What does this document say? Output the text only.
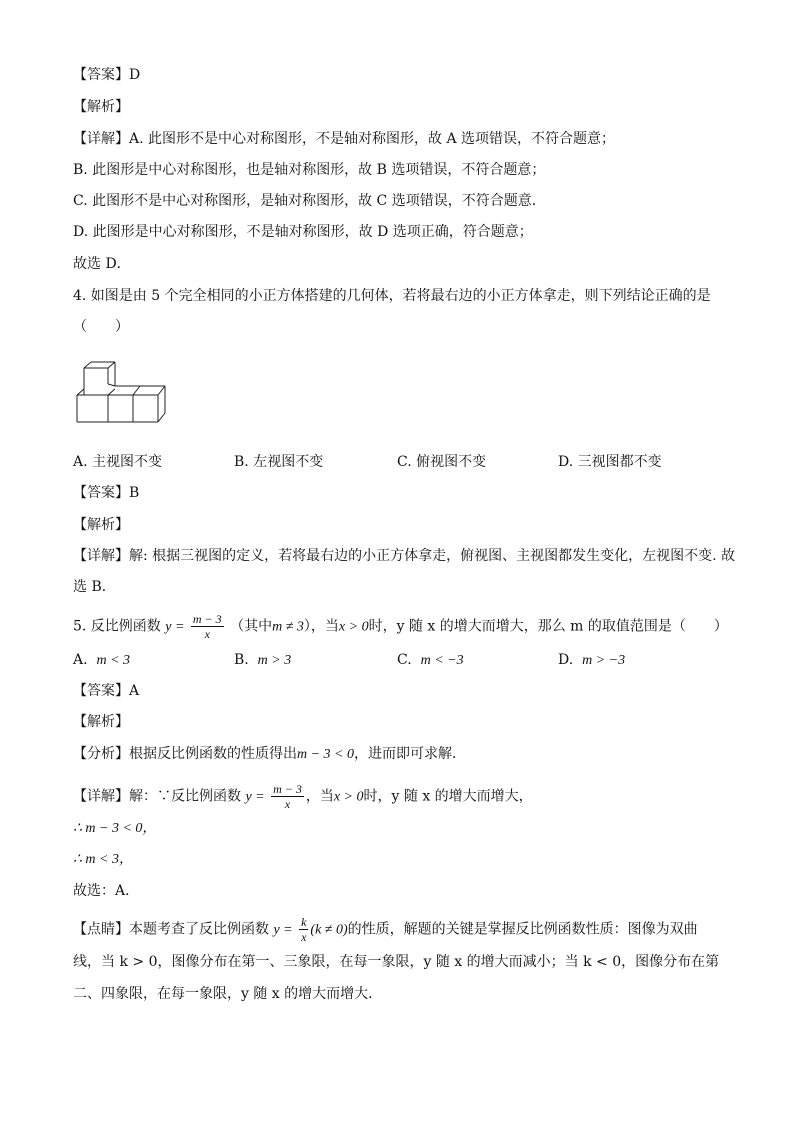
【答案】D
【解析】
【详解】A. 此图形不是中心对称图形，不是轴对称图形，故 A 选项错误，不符合题意；
B. 此图形是中心对称图形，也是轴对称图形，故 B 选项错误，不符合题意；
C. 此图形不是中心对称图形，是轴对称图形，故 C 选项错误，不符合题意．
D. 此图形是中心对称图形，不是轴对称图形，故 D 选项正确，符合题意；
故选 D．
4. 如图是由 5 个完全相同的小正方体搭建的几何体，若将最右边的小正方体拿走，则下列结论正确的是
（　　）
A. 主视图不变	B. 左视图不变	C. 俯视图不变	D. 三视图都不变
【答案】B
【解析】
【详解】解: 根据三视图的定义，若将最右边的小正方体拿走，俯视图、主视图都发生变化，左视图不变. 故
选 B．
5. 反比例函数 $y = \frac{m - 3}{x}$ （其中m ≠ 3），当x > 0时，y 随 x 的增大而增大，那么 m 的取值范围是（　　）
A. m < 3	B. m > 3	C. m < −3	D. m > −3
【答案】A
【解析】
【分析】根据反比例函数的性质得出m − 3 < 0，进而即可求解．
【详解】解：∵反比例函数 $y = \frac{m - 3}{x}$ ，当x > 0时，y 随 x 的增大而增大，
∴ m − 3 < 0，
∴ m < 3，
故选：A．
【点睛】本题考查了反比例函数 $y = \frac{k}{x} (k \ne 0)$的性质，解题的关键是掌握反比例函数性质：图像为双曲
线，当 k > 0，图像分布在第一、三象限，在每一象限，y 随 x 的增大而减小；当 k < 0，图像分布在第
二、四象限，在每一象限，y 随 x 的增大而增大．
